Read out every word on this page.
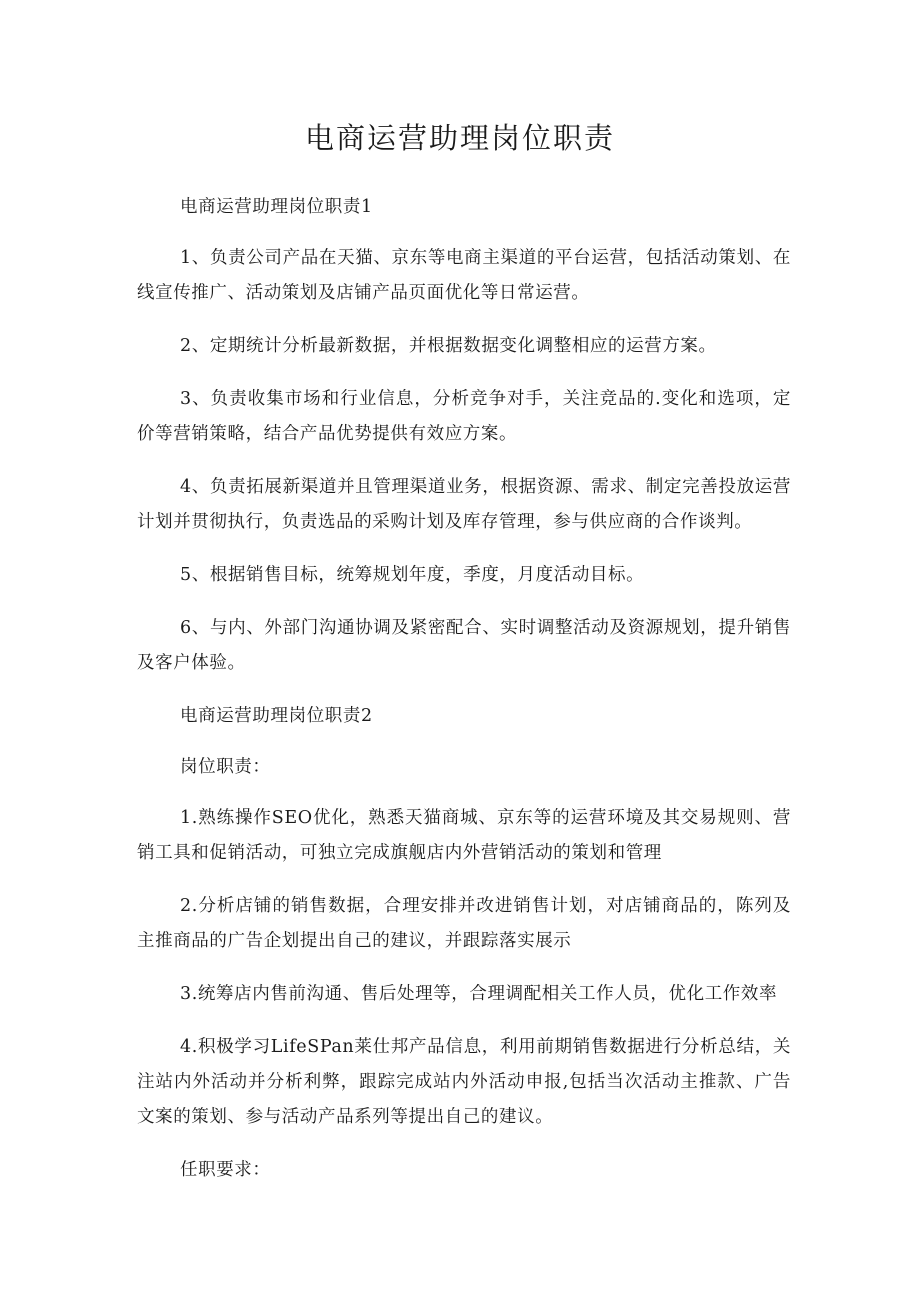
电商运营助理岗位职责

电商运营助理岗位职责1

1、负责公司产品在天猫、京东等电商主渠道的平台运营，包括活动策划、在线宣传推广、活动策划及店铺产品页面优化等日常运营。

2、定期统计分析最新数据，并根据数据变化调整相应的运营方案。

3、负责收集市场和行业信息，分析竞争对手，关注竞品的.变化和选项，定价等营销策略，结合产品优势提供有效应方案。

4、负责拓展新渠道并且管理渠道业务，根据资源、需求、制定完善投放运营计划并贯彻执行，负责选品的采购计划及库存管理，参与供应商的合作谈判。

5、根据销售目标，统筹规划年度，季度，月度活动目标。

6、与内、外部门沟通协调及紧密配合、实时调整活动及资源规划，提升销售及客户体验。

电商运营助理岗位职责2

岗位职责：

1.熟练操作SEO优化，熟悉天猫商城、京东等的运营环境及其交易规则、营销工具和促销活动，可独立完成旗舰店内外营销活动的策划和管理

2.分析店铺的销售数据，合理安排并改进销售计划，对店铺商品的，陈列及主推商品的广告企划提出自己的建议，并跟踪落实展示

3.统筹店内售前沟通、售后处理等，合理调配相关工作人员，优化工作效率

4.积极学习LifeSPan莱仕邦产品信息，利用前期销售数据进行分析总结，关注站内外活动并分析利弊，跟踪完成站内外活动申报,包括当次活动主推款、广告文案的策划、参与活动产品系列等提出自己的建议。

任职要求：
